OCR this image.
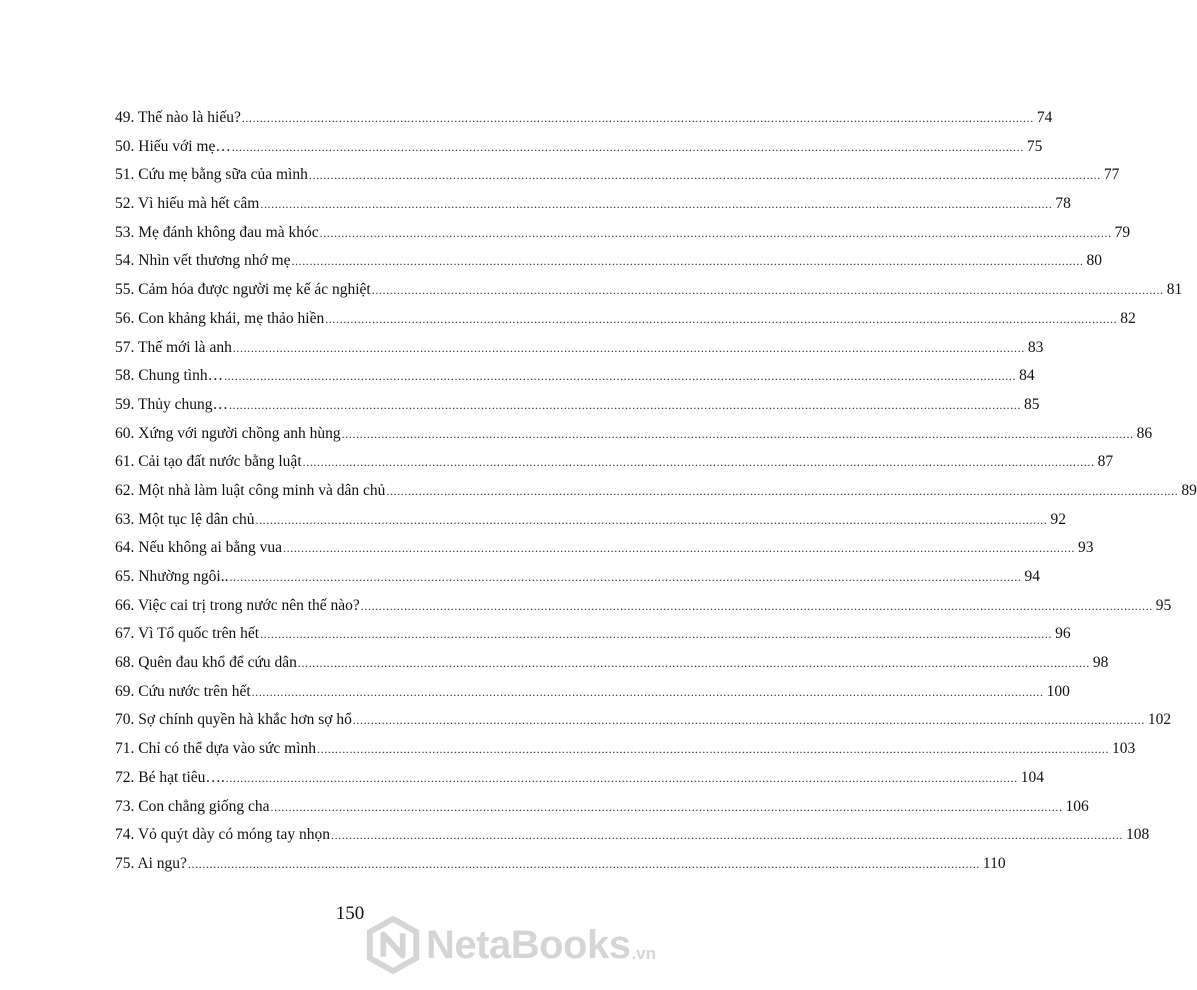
49. Thế nào là hiếu? ............................................................................................................................................................................................................................ 74
50. Hiếu với mẹ… ............................................................................................................................................................................................................................ 75
51. Cứu mẹ bằng sữa của mình ............................................................................................................................................................................................................................ 77
52. Vì hiếu mà hết câm ............................................................................................................................................................................................................................ 78
53. Mẹ đánh không đau mà khóc ............................................................................................................................................................................................................................ 79
54. Nhìn vết thương nhớ mẹ ............................................................................................................................................................................................................................ 80
55. Cảm hóa được người mẹ kế ác nghiệt ............................................................................................................................................................................................................................ 81
56. Con khảng khái, mẹ thảo hiền ............................................................................................................................................................................................................................ 82
57. Thế mới là anh ............................................................................................................................................................................................................................ 83
58. Chung tình… ............................................................................................................................................................................................................................ 84
59. Thủy chung… ............................................................................................................................................................................................................................ 85
60. Xứng với người chồng anh hùng ............................................................................................................................................................................................................................ 86
61. Cải tạo đất nước bằng luật ............................................................................................................................................................................................................................ 87
62. Một nhà làm luật công minh và dân chủ ............................................................................................................................................................................................................................ 89
63. Một tục lệ dân chủ ............................................................................................................................................................................................................................ 92
64. Nếu không ai bằng vua ............................................................................................................................................................................................................................ 93
65. Nhường ngôi.. ............................................................................................................................................................................................................................ 94
66. Việc cai trị trong nước nên thế nào? ............................................................................................................................................................................................................................ 95
67. Vì Tổ quốc trên hết ............................................................................................................................................................................................................................ 96
68. Quên đau khổ để cứu dân ............................................................................................................................................................................................................................ 98
69. Cứu nước trên hết ............................................................................................................................................................................................................................ 100
70. Sợ chính quyền hà khắc hơn sợ hổ ............................................................................................................................................................................................................................ 102
71. Chỉ có thể dựa vào sức mình ............................................................................................................................................................................................................................ 103
72. Bé hạt tiêu…. ............................................................................................................................................................................................................................ 104
73. Con chẳng giống cha ............................................................................................................................................................................................................................ 106
74. Vỏ quýt dày có móng tay nhọn ............................................................................................................................................................................................................................ 108
75. Ai ngu? ............................................................................................................................................................................................................................ 110
150
NetaBooks .vn
